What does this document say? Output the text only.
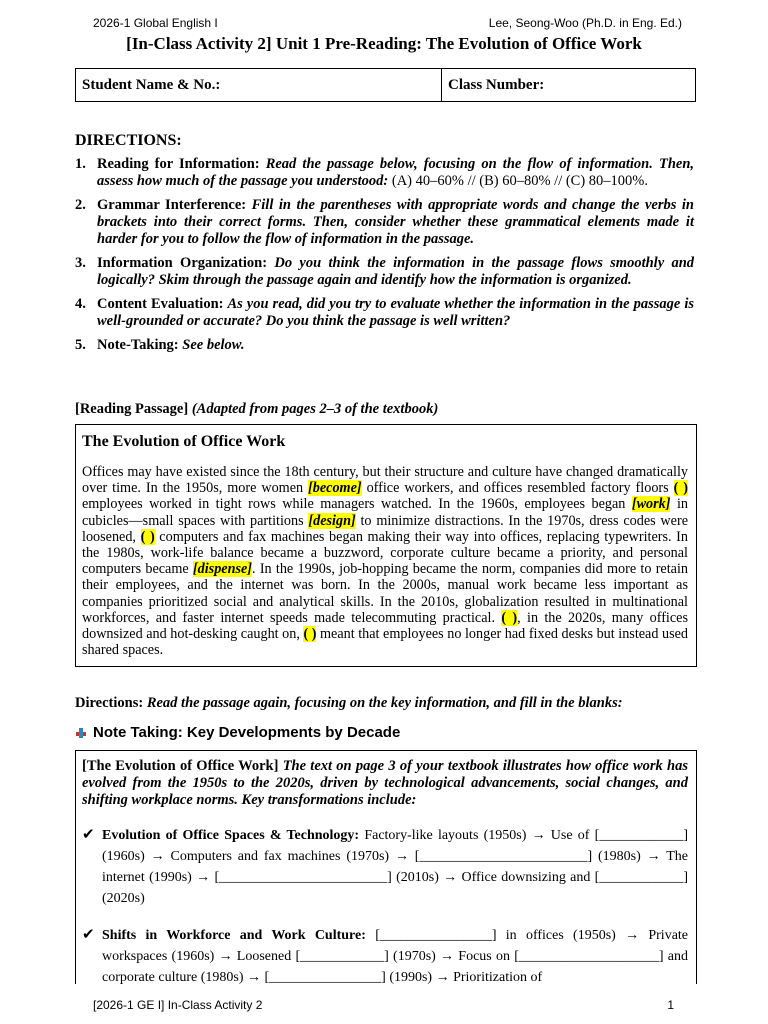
2026-1 Global English I	Lee, Seong-Woo (Ph.D. in Eng. Ed.)
[In-Class Activity 2] Unit 1 Pre-Reading: The Evolution of Office Work
Student Name & No.:	Class Number:
DIRECTIONS:
1. Reading for Information: Read the passage below, focusing on the flow of information. Then, assess how much of the passage you understood: (A) 40–60% // (B) 60–80% // (C) 80–100%.
2. Grammar Interference: Fill in the parentheses with appropriate words and change the verbs in brackets into their correct forms. Then, consider whether these grammatical elements made it harder for you to follow the flow of information in the passage.
3. Information Organization: Do you think the information in the passage flows smoothly and logically? Skim through the passage again and identify how the information is organized.
4. Content Evaluation: As you read, did you try to evaluate whether the information in the passage is well-grounded or accurate? Do you think the passage is well written?
5. Note-Taking: See below.
[Reading Passage] (Adapted from pages 2–3 of the textbook)
The Evolution of Office Work
Offices may have existed since the 18th century, but their structure and culture have changed dramatically over time. In the 1950s, more women [become] office workers, and offices resembled factory floors ( ) employees worked in tight rows while managers watched. In the 1960s, employees began [work] in cubicles—small spaces with partitions [design] to minimize distractions. In the 1970s, dress codes were loosened, ( ) computers and fax machines began making their way into offices, replacing typewriters. In the 1980s, work-life balance became a buzzword, corporate culture became a priority, and personal computers became [dispense]. In the 1990s, job-hopping became the norm, companies did more to retain their employees, and the internet was born. In the 2000s, manual work became less important as companies prioritized social and analytical skills. In the 2010s, globalization resulted in multinational workforces, and faster internet speeds made telecommuting practical. ( ), in the 2020s, many offices downsized and hot-desking caught on, ( ) meant that employees no longer had fixed desks but instead used shared spaces.
Directions: Read the passage again, focusing on the key information, and fill in the blanks:
Note Taking: Key Developments by Decade
[The Evolution of Office Work] The text on page 3 of your textbook illustrates how office work has evolved from the 1950s to the 2020s, driven by technological advancements, social changes, and shifting workplace norms. Key transformations include:
✔ Evolution of Office Spaces & Technology: Factory-like layouts (1950s) → Use of [____________] (1960s) → Computers and fax machines (1970s) → [________________________] (1980s) → The internet (1990s) → [________________________] (2010s) → Office downsizing and [____________] (2020s)
✔ Shifts in Workforce and Work Culture: [________________] in offices (1950s) → Private workspaces (1960s) → Loosened [____________] (1970s) → Focus on [____________________] and corporate culture (1980s) → [________________] (1990s) → Prioritization of
[2026-1 GE I] In-Class Activity 2	1
